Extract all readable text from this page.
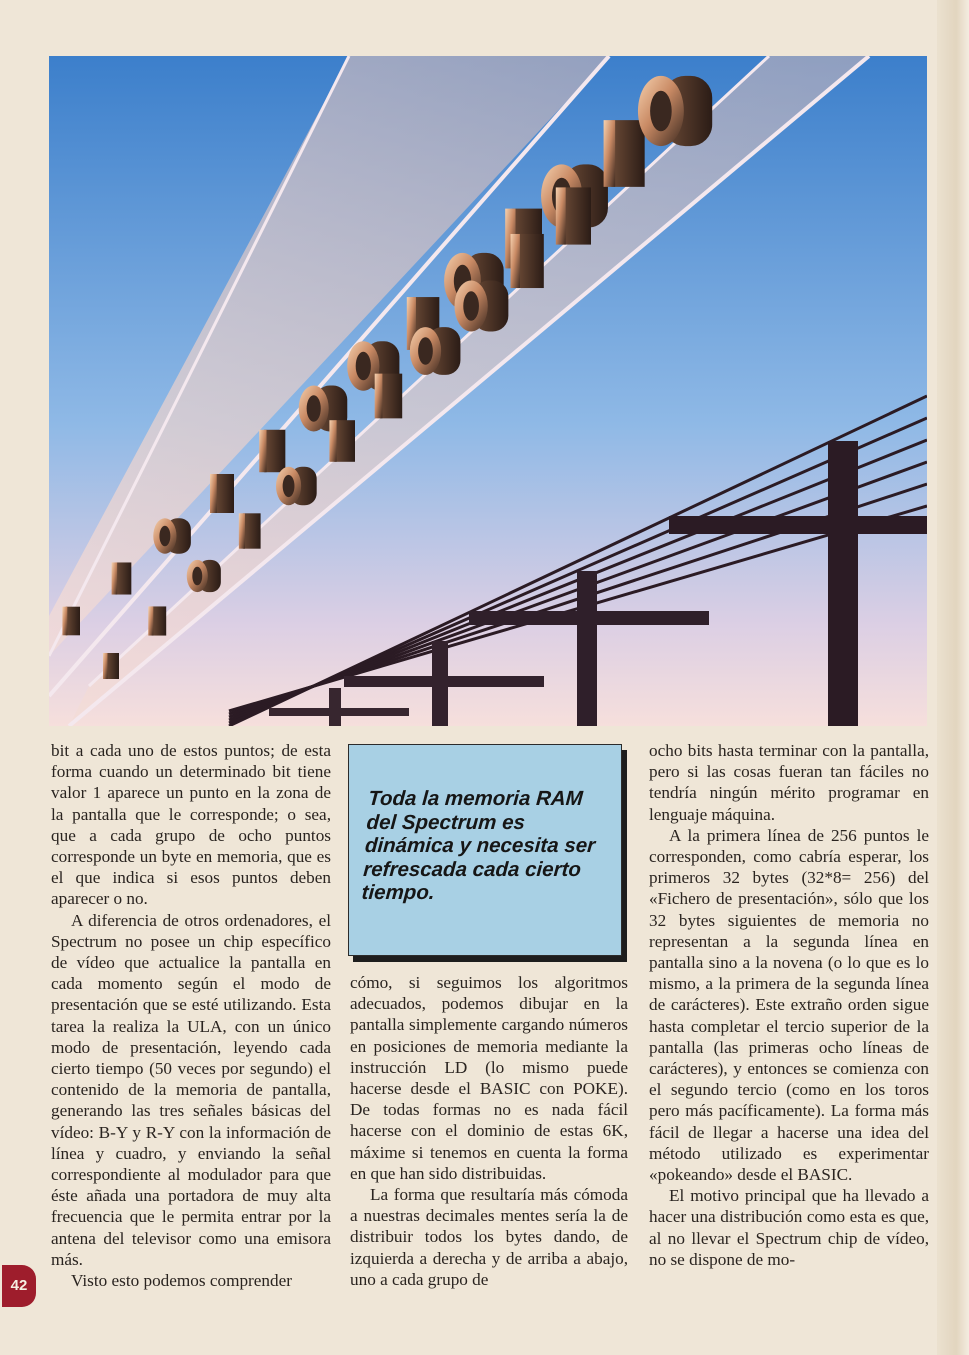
bit a cada uno de estos puntos; de esta forma cuando un determinado bit tiene valor 1 aparece un punto en la zona de la pantalla que le corresponde; o sea, que a cada grupo de ocho puntos corresponde un byte en memoria, que es el que indica si esos puntos deben aparecer o no.

A diferencia de otros ordenadores, el Spectrum no posee un chip específico de vídeo que actualice la pantalla en cada momento según el modo de presentación que se esté utilizando. Esta tarea la realiza la ULA, con un único modo de presentación, leyendo cada cierto tiempo (50 veces por segundo) el contenido de la memoria de pantalla, generando las tres señales básicas del vídeo: B-Y y R-Y con la información de línea y cuadro, y enviando la señal correspondiente al modulador para que éste añada una portadora de muy alta frecuencia que le permita entrar por la antena del televisor como una emisora más.

Visto esto podemos comprender

Toda la memoria RAM del Spectrum es dinámica y necesita ser refrescada cada cierto tiempo.

cómo, si seguimos los algoritmos adecuados, podemos dibujar en la pantalla simplemente cargando números en posiciones de memoria mediante la instrucción LD (lo mismo puede hacerse desde el BASIC con POKE). De todas formas no es nada fácil hacerse con el dominio de estas 6K, máxime si tenemos en cuenta la forma en que han sido distribuidas.

La forma que resultaría más cómoda a nuestras decimales mentes sería la de distribuir todos los bytes dando, de izquierda a derecha y de arriba a abajo, uno a cada grupo de

ocho bits hasta terminar con la pantalla, pero si las cosas fueran tan fáciles no tendría ningún mérito programar en lenguaje máquina.

A la primera línea de 256 puntos le corresponden, como cabría esperar, los primeros 32 bytes (32*8= 256) del «Fichero de presentación», sólo que los 32 bytes siguientes de memoria no representan a la segunda línea en pantalla sino a la novena (o lo que es lo mismo, a la primera de la segunda línea de carácteres). Este extraño orden sigue hasta completar el tercio superior de la pantalla (las primeras ocho líneas de carácteres), y entonces se comienza con el segundo tercio (como en los toros pero más pacíficamente). La forma más fácil de llegar a hacerse una idea del método utilizado es experimentar «pokeando» desde el BASIC.

El motivo principal que ha llevado a hacer una distribución como esta es que, al no llevar el Spectrum chip de vídeo, no se dispone de mo-

42
